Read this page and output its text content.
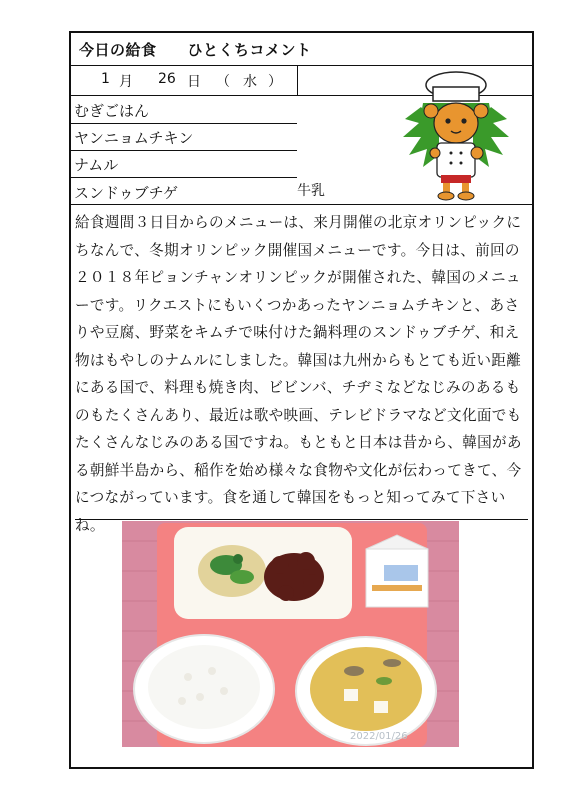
今日の給食　　ひとくちコメント
1 月 26 日 （ 水 ）
むぎごはん
ヤンニョムチキン
ナムル
スンドゥブチゲ	牛乳

給食週間３日目からのメニューは、来月開催の北京オリンピックにちなんで、冬期オリンピック開催国メニューです。今日は、前回の２０１８年ピョンチャンオリンピックが開催された、韓国のメニューです。リクエストにもいくつかあったヤンニョムチキンと、あさりや豆腐、野菜をキムチで味付けた鍋料理のスンドゥブチゲ、和え物はもやしのナムルにしました。韓国は九州からもとても近い距離にある国で、料理も焼き肉、ビビンバ、チヂミなどなじみのあるものもたくさんあり、最近は歌や映画、テレビドラマなど文化面でもたくさんなじみのある国ですね。もともと日本は昔から、韓国がある朝鮮半島から、稲作を始め様々な食物や文化が伝わってきて、今につながっています。食を通して韓国をもっと知ってみて下さいね。

2022/01/26
